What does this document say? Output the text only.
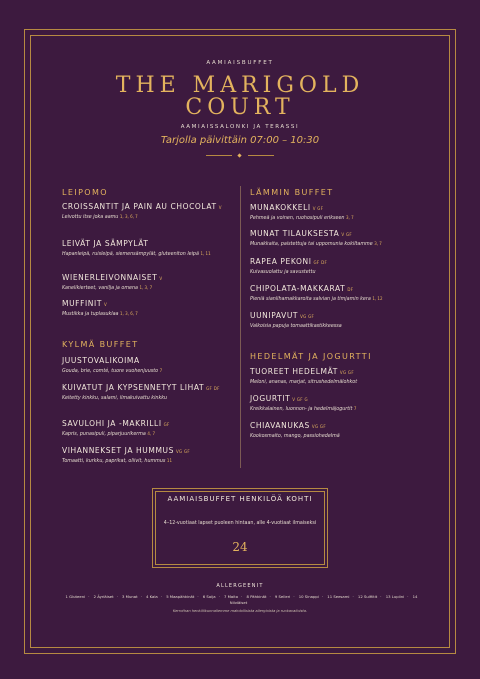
AAMIAISBUFFET
THE MARIGOLD
COURT
AAMIAISSALONKI JA TERASSI
Tarjolla päivittäin 07:00 – 10:30
LEIPOMO
CROISSANTIT JA PAIN AU CHOCOLAT V
Leivottu itse joka aamu 1, 3, 6, 7
LEIVÄT JA SÄMPYLÄT
Hapanleipä, ruisleipä, siemensämpylät, gluteeniton leipä 1, 11
WIENERLEIVONNAISET V
Kanelikierteet, vanilja ja omena 1, 3, 7
MUFFINIT V
Mustikka ja tuplasuklaa 1, 3, 6, 7
KYLMÄ BUFFET
JUUSTOVALIKOIMA
Gouda, brie, comté, tuore vuohenjuusto 7
KUIVATUT JA KYPSENNETYT LIHAT GF DF
Keitetty kinkku, salami, ilmakuivattu kinkku
SAVULOHI JA -MAKRILLI GF
Kapris, punasipuli, piparjuurikerma 4, 7
VIHANNEKSET JA HUMMUS VG GF
Tomaatti, kurkku, paprikat, oliivit, hummus 11
LÄMMIN BUFFET
MUNAKOKKELI V GF
Pehmeä ja voinen, ruohosipuli erikseen 3, 7
MUNAT TILAUKSESTA V GF
Munakkaita, paistettuja tai uppomunia kokiltamme 3, 7
RAPEA PEKONI GF DF
Kuivasuolattu ja savustettu
CHIPOLATA-MAKKARAT DF
Pieniä sianlihamakkaroita salvian ja timjamin kera 1, 12
UUNIPAVUT VG GF
Valkoisia papuja tomaattikastikkeessa
HEDELMÄT JA JOGURTTI
TUOREET HEDELMÄT VG GF
Meloni, ananas, marjat, sitrushedelmälohkot
JOGURTIT V GF G
Kreikkalainen, luonnon- ja hedelmäjogurtit 7
CHIAVANUKAS VG GF
Kookosmaito, mango, passiohedelmä
AAMIAISBUFFET HENKILÖÄ KOHTI
4–12-vuotiaat lapset puoleen hintaan, alle 4-vuotiaat ilmaiseksi
24
ALLERGEENIT
1 Gluteeni · 2 Äyriäiset · 3 Munat · 4 Kala · 5 Maapähkinät · 6 Soija · 7 Maito · 8 Pähkinät · 9 Selleri · 10 Sinappi · 11 Seesami · 12 Sulfiitit · 13 Lupiini · 14 Nilviäiset
Kerrothan henkilökunnallemme mahdollisista allergioista ja ruokavalioista.
